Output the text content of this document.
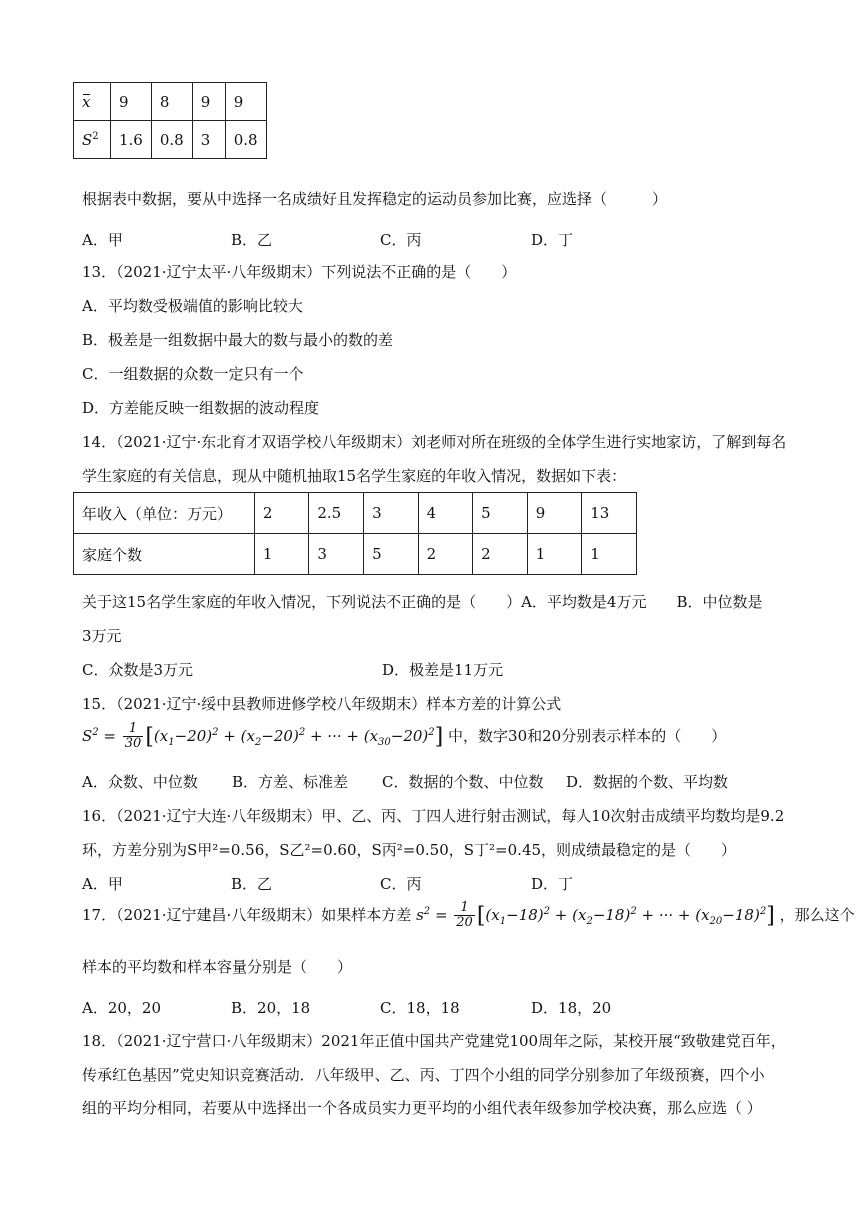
x	9	8	9	9
$S^2$	1.6	0.8	3	0.8
根据表中数据，要从中选择一名成绩好且发挥稳定的运动员参加比赛，应选择（　　　）
A．甲	B．乙	C．丙	D．丁
13．（2021·辽宁太平·八年级期末）下列说法不正确的是（　　）
A．平均数受极端值的影响比较大
B．极差是一组数据中最大的数与最小的数的差
C．一组数据的众数一定只有一个
D．方差能反映一组数据的波动程度
14．（2021·辽宁·东北育才双语学校八年级期末）刘老师对所在班级的全体学生进行实地家访，了解到每名
学生家庭的有关信息，现从中随机抽取15名学生家庭的年收入情况，数据如下表：
年收入（单位：万元）	2	2.5	3	4	5	9	13
家庭个数	1	3	5	2	2	1	1
关于这15名学生家庭的年收入情况，下列说法不正确的是（　　）A．平均数是4万元　　B．中位数是
3万元
C．众数是3万元	D．极差是11万元
15．（2021·辽宁·绥中县教师进修学校八年级期末）样本方差的计算公式
$S^2 = \frac{1}{30} [(x_1-20)^2 + (x_2-20)^2$ + ··· + $(x_{30}-20)^2$] 中，数字30和20分别表示样本的（　　）
A．众数、中位数 B．方差、标准差 C．数据的个数、中位数 D．数据的个数、平均数
16．（2021·辽宁大连·八年级期末）甲、乙、丙、丁四人进行射击测试，每人10次射击成绩平均数均是9.2
环，方差分别为S甲²=0.56，S乙²=0.60，S丙²=0.50，S丁²=0.45，则成绩最稳定的是（　　）
A．甲	B．乙	C．丙	D．丁
17．（2021·辽宁建昌·八年级期末）如果样本方差 $s^2 = \frac{1}{20} [(x_1-18)^2 + (x_2-18)^2$ + ··· + $(x_{20}-18)^2$] ，那么这个
样本的平均数和样本容量分别是（　　）
A．20，20	B．20，18	C．18，18	D．18，20
18．（2021·辽宁营口·八年级期末）2021年正值中国共产党建党100周年之际，某校开展“致敬建党百年，
传承红色基因”党史知识竞赛活动．八年级甲、乙、丙、丁四个小组的同学分别参加了年级预赛，四个小
组的平均分相同，若要从中选择出一个各成员实力更平均的小组代表年级参加学校决赛，那么应选（ ）
